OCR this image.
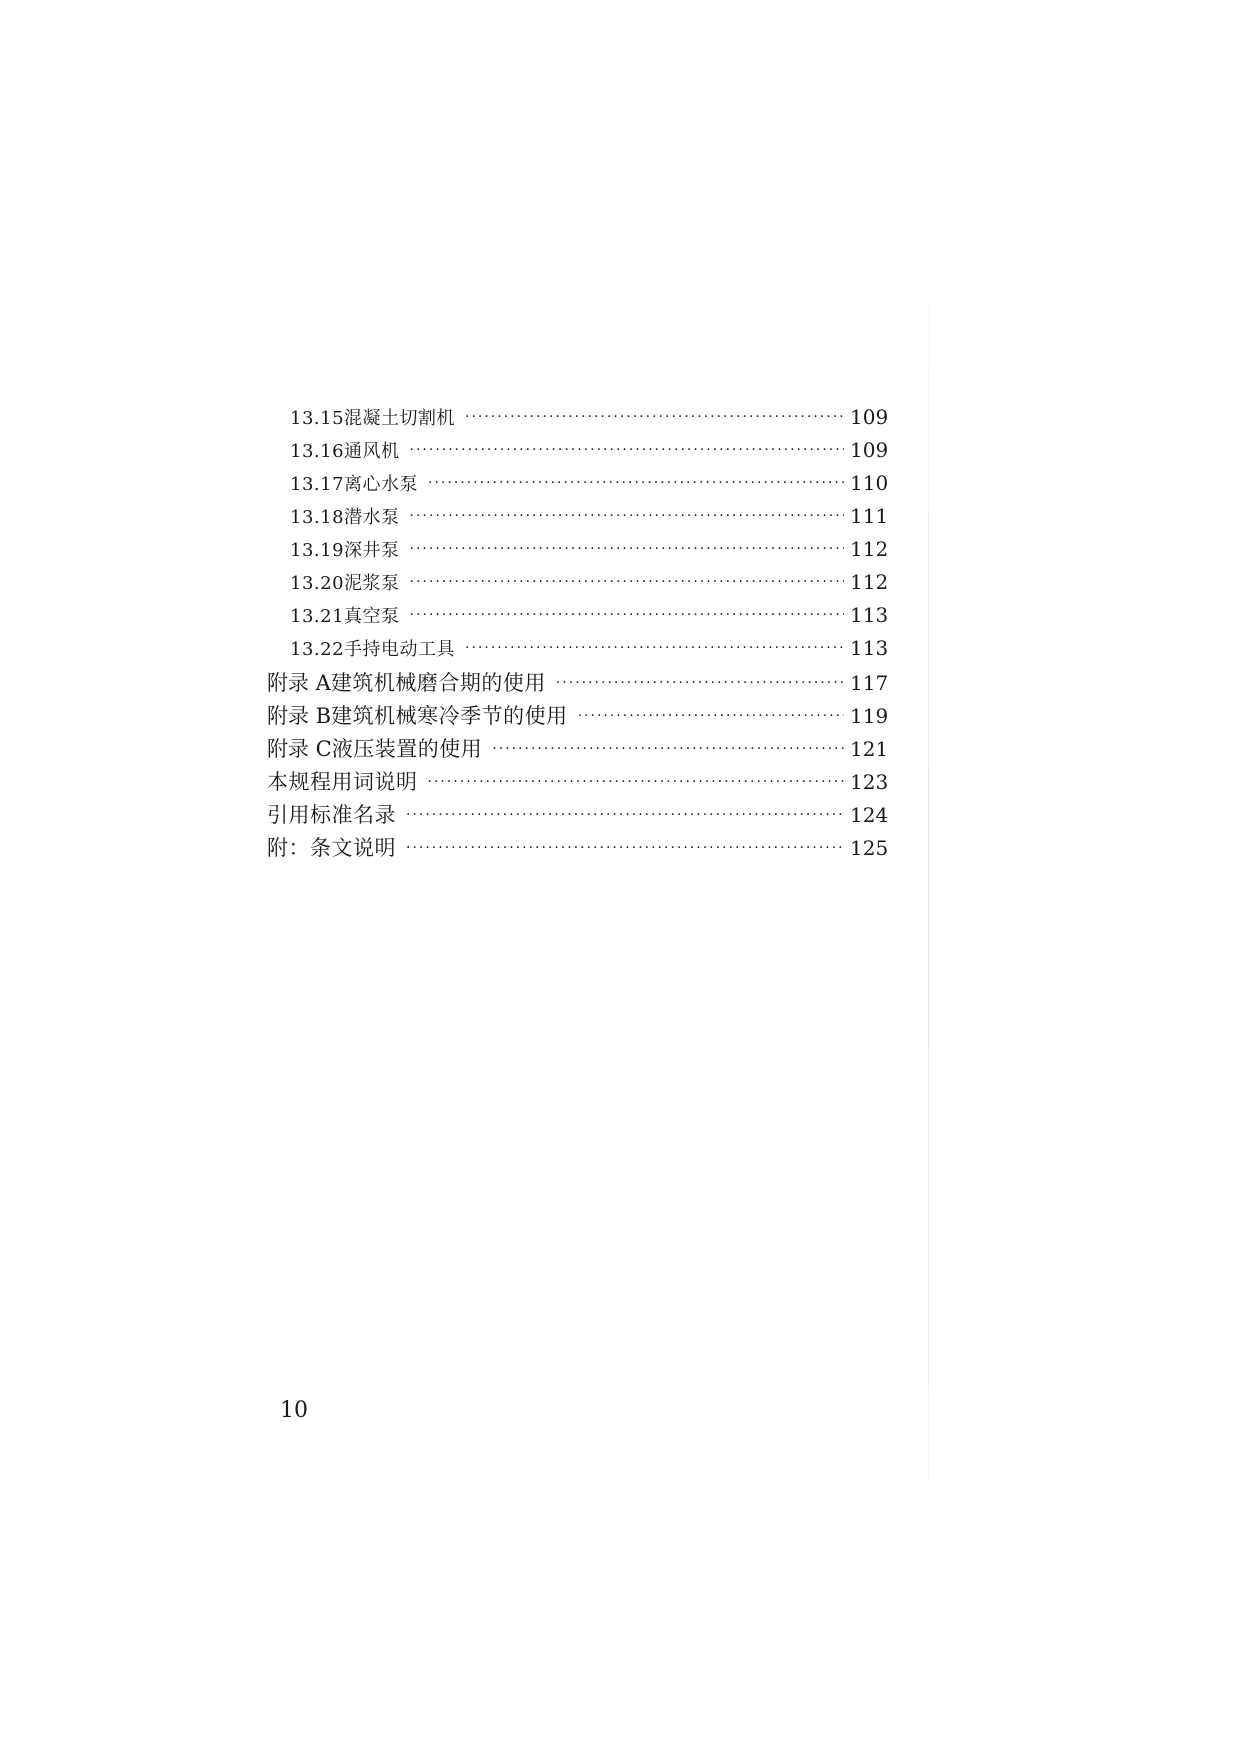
13.15 混凝土切割机 ·····	109
13.16 通风机 ·····	109
13.17 离心水泵 ·····	110
13.18 潜水泵 ·····	111
13.19 深井泵 ·····	112
13.20 泥浆泵 ·····	112
13.21 真空泵 ·····	113
13.22 手持电动工具 ·····	113
附录 A 建筑机械磨合期的使用 ·····	117
附录 B 建筑机械寒冷季节的使用 ·····	119
附录 C 液压装置的使用 ·····	121
本规程用词说明 ·····	123
引用标准名录 ·····	124
附：条文说明 ·····	125
10
